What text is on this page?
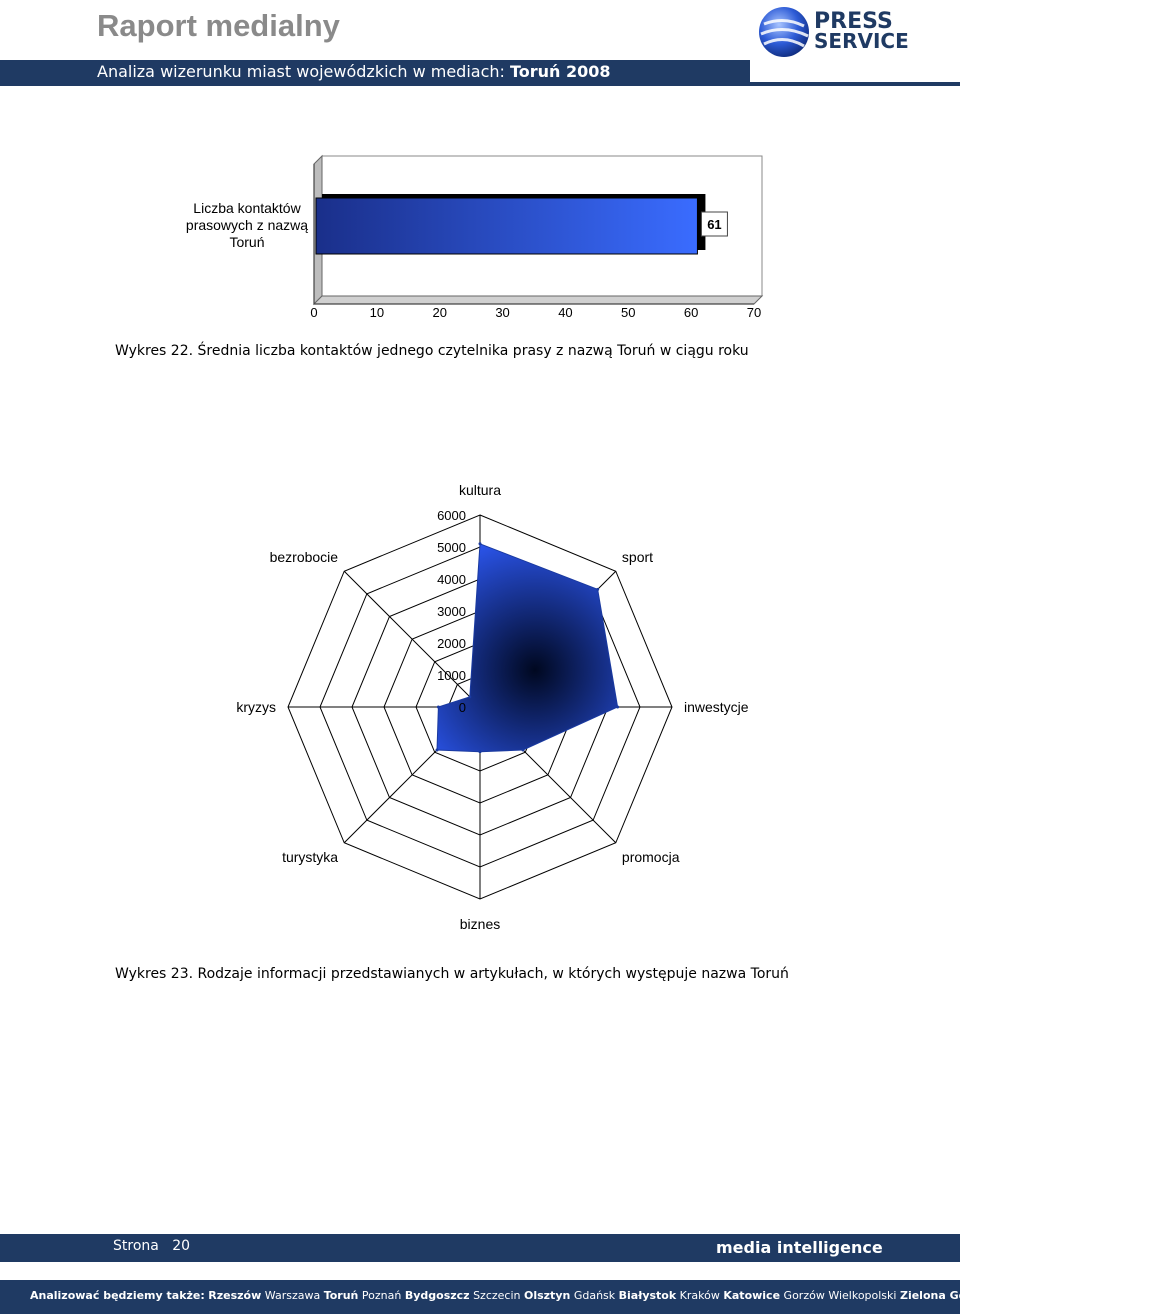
Raport medialny
Analiza wizerunku miast wojewódzkich w mediach: Toruń 2008
PRESS
SERVICE
monitoring mediów
61
0	10	20	30	40	50	60	70
Liczba kontaktów
prasowych z nazwą
Toruń
Wykres 22. Średnia liczba kontaktów jednego czytelnika prasy z nazwą Toruń w ciągu roku
0
1000
2000
3000
4000
5000
6000
kultura
sport
inwestycje
promocja
biznes
turystyka
kryzys
bezrobocie
Wykres 23. Rodzaje informacji przedstawianych w artykułach, w których występuje nazwa Toruń
Strona 20	media intelligence
Analizować będziemy także: Rzeszów Warszawa Toruń Poznań Bydgoszcz Szczecin Olsztyn Gdańsk Białystok Kraków Katowice Gorzów Wielkopolski Zielona Góra Lublin Łódź Wrocław Opole Kielce
